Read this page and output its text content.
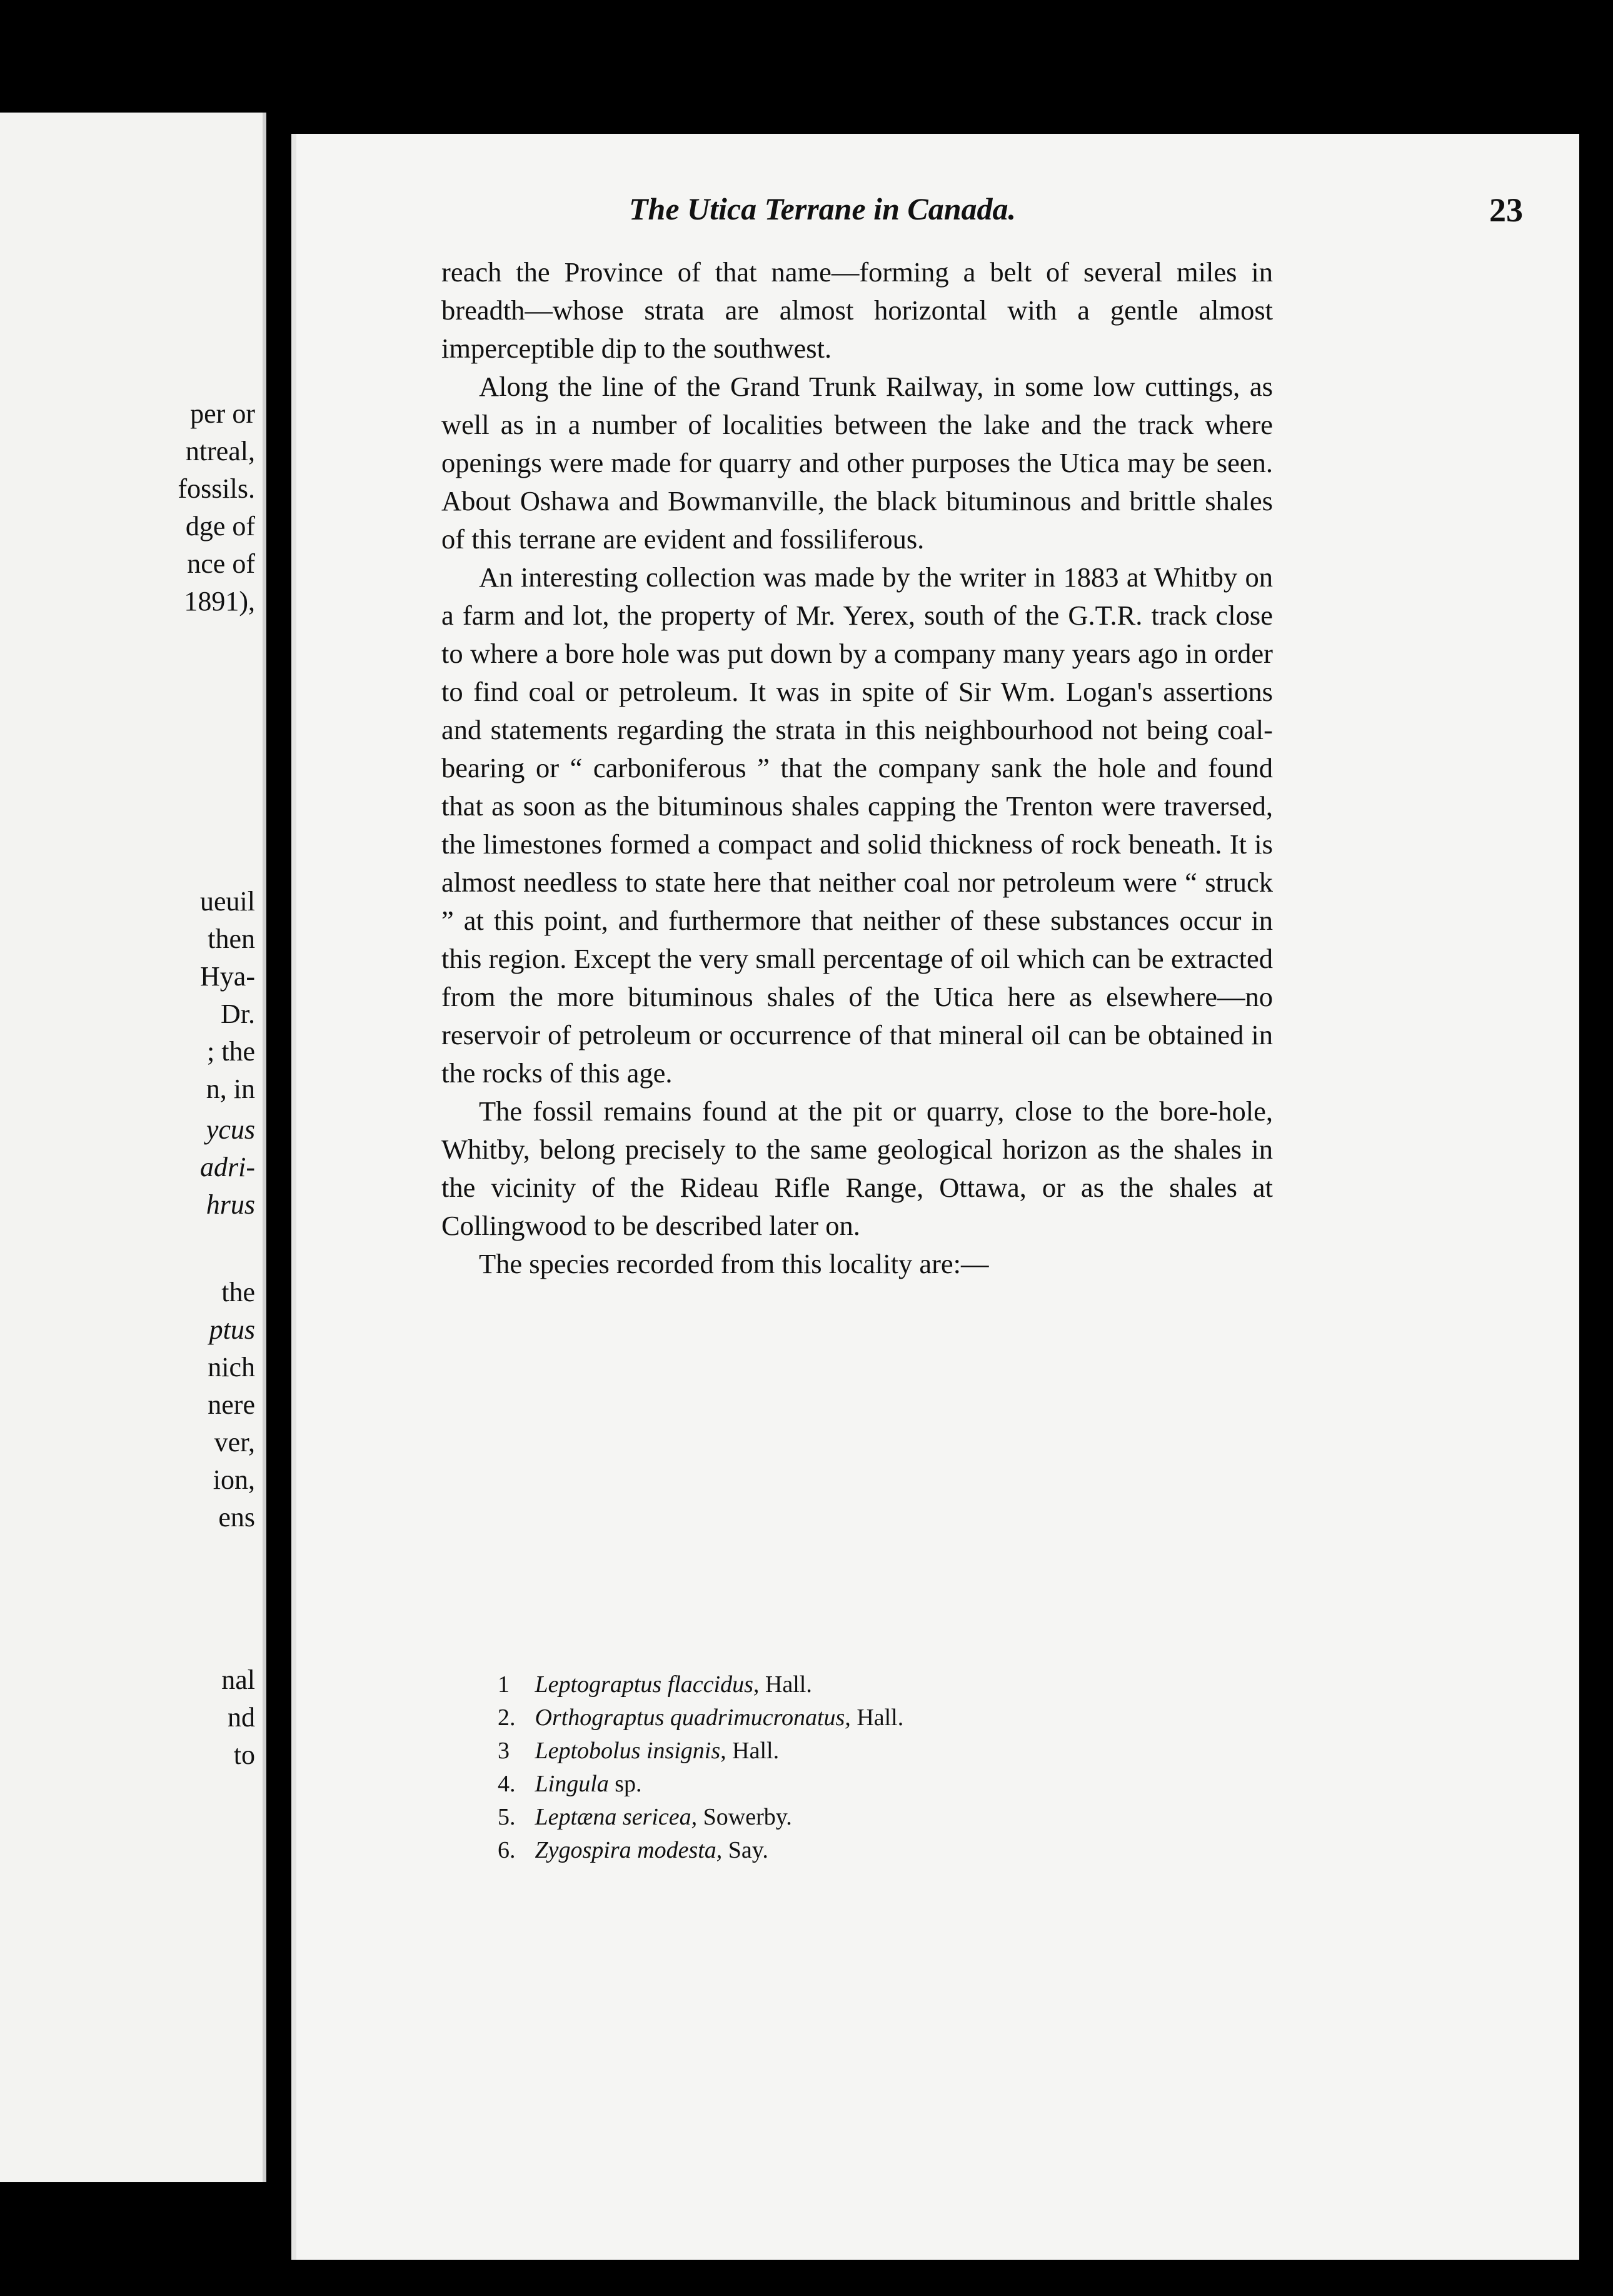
per or
ntreal,
fossils.
dge of
nce of
1891),
ueuil
then
Hya-
Dr.
; the
n, in
ycus
adri-
hrus
the
ptus
nich
nere
ver,
ion,
ens
nal
nd
to
The Utica Terrane in Canada.	23

reach the Province of that name—forming a belt of several miles in breadth—whose strata are almost horizontal with a gentle almost imperceptible dip to the southwest.

Along the line of the Grand Trunk Railway, in some low cuttings, as well as in a number of localities between the lake and the track where openings were made for quarry and other purposes the Utica may be seen. About Oshawa and Bowmanville, the black bituminous and brittle shales of this terrane are evident and fossiliferous.

An interesting collection was made by the writer in 1883 at Whitby on a farm and lot, the property of Mr. Yerex, south of the G.T.R. track close to where a bore hole was put down by a company many years ago in order to find coal or petroleum. It was in spite of Sir Wm. Logan's assertions and statements regarding the strata in this neighbourhood not being coal-bearing or “ carboniferous ” that the company sank the hole and found that as soon as the bituminous shales capping the Trenton were traversed, the limestones formed a compact and solid thickness of rock beneath. It is almost needless to state here that neither coal nor petroleum were “ struck ” at this point, and furthermore that neither of these substances occur in this region. Except the very small percentage of oil which can be extracted from the more bituminous shales of the Utica here as elsewhere—no reservoir of petroleum or occurrence of that mineral oil can be obtained in the rocks of this age.

The fossil remains found at the pit or quarry, close to the bore-hole, Whitby, belong precisely to the same geological horizon as the shales in the vicinity of the Rideau Rifle Range, Ottawa, or as the shales at Collingwood to be described later on.

The species recorded from this locality are:—

1 Leptograptus flaccidus, Hall.
2. Orthograptus quadrimucronatus, Hall.
3 Leptobolus insignis, Hall.
4. Lingula sp.
5. Leptæna sericea, Sowerby.
6. Zygospira modesta, Say.
